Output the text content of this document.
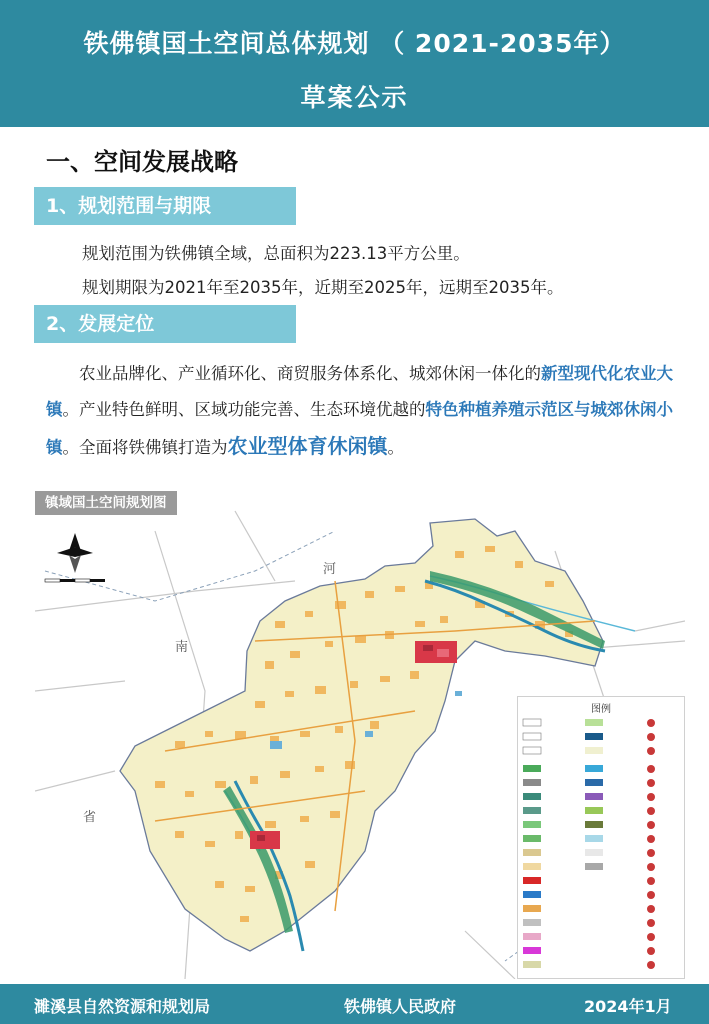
铁佛镇国土空间总体规划 （ 2021-2035年）
草案公示
一、空间发展战略
1、规划范围与期限
规划范围为铁佛镇全域，总面积为223.13平方公里。
规划期限为2021年至2035年，近期至2025年，远期至2035年。
2、发展定位
农业品牌化、产业循环化、商贸服务体系化、城郊休闲一体化的新型现代化农业大镇。产业特色鲜明、区域功能完善、生态环境优越的特色种植养殖示范区与城郊休闲小镇。全面将铁佛镇打造为农业型体育休闲镇。
河
南
省
镇域国土空间规划图
图例
濉溪县自然资源和规划局	铁佛镇人民政府	2024年1月
